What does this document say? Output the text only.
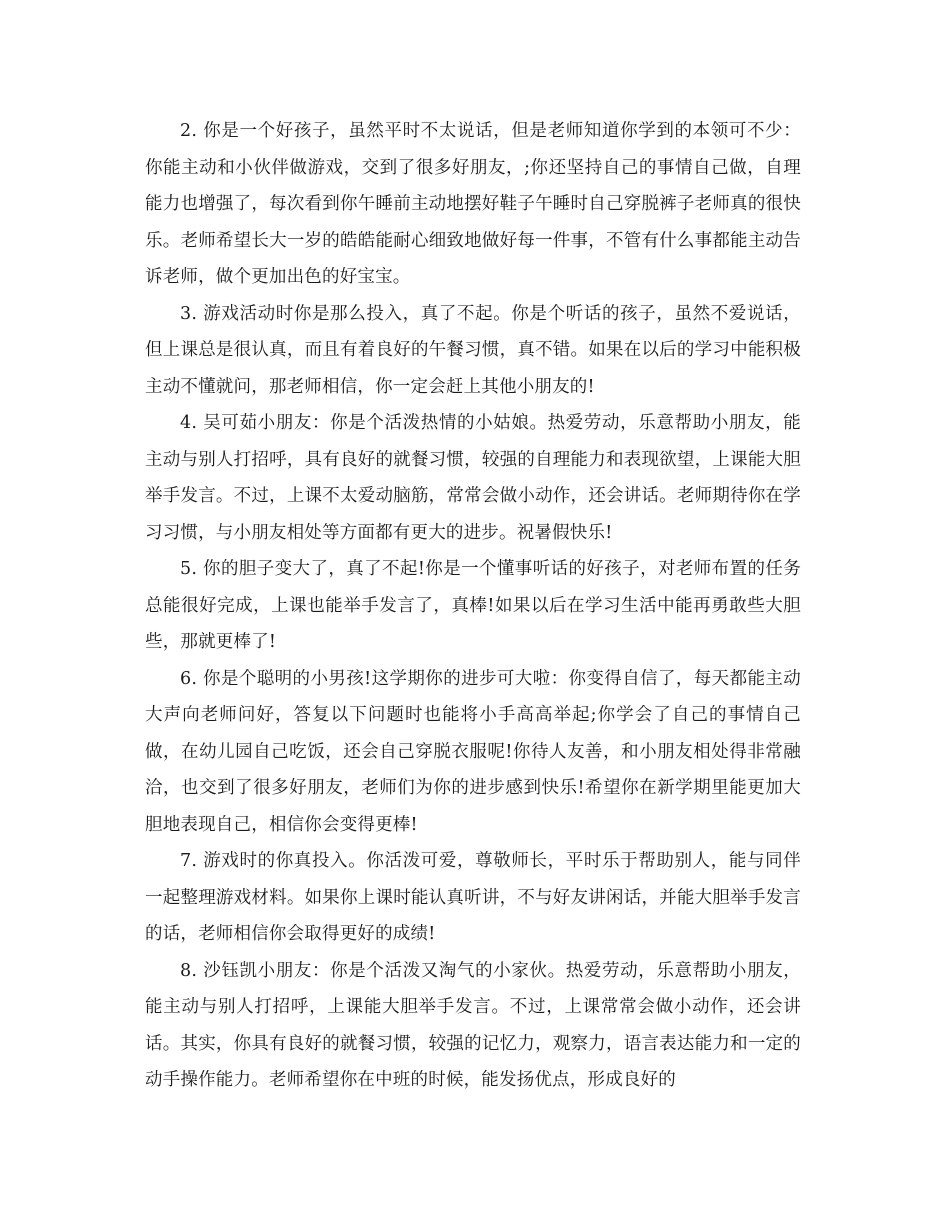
2. 你是一个好孩子，虽然平时不太说话，但是老师知道你学到的本领可不少：你能主动和小伙伴做游戏，交到了很多好朋友，;你还坚持自己的事情自己做，自理能力也增强了，每次看到你午睡前主动地摆好鞋子午睡时自己穿脱裤子老师真的很快乐。老师希望长大一岁的皓皓能耐心细致地做好每一件事，不管有什么事都能主动告诉老师，做个更加出色的好宝宝。

3. 游戏活动时你是那么投入，真了不起。你是个听话的孩子，虽然不爱说话，但上课总是很认真，而且有着良好的午餐习惯，真不错。如果在以后的学习中能积极主动不懂就问，那老师相信，你一定会赶上其他小朋友的!

4. 吴可茹小朋友：你是个活泼热情的小姑娘。热爱劳动，乐意帮助小朋友，能主动与别人打招呼，具有良好的就餐习惯，较强的自理能力和表现欲望，上课能大胆举手发言。不过，上课不太爱动脑筋，常常会做小动作，还会讲话。老师期待你在学习习惯，与小朋友相处等方面都有更大的进步。祝暑假快乐!

5. 你的胆子变大了，真了不起!你是一个懂事听话的好孩子，对老师布置的任务总能很好完成，上课也能举手发言了，真棒!如果以后在学习生活中能再勇敢些大胆些，那就更棒了!

6. 你是个聪明的小男孩!这学期你的进步可大啦：你变得自信了，每天都能主动大声向老师问好，答复以下问题时也能将小手高高举起;你学会了自己的事情自己做，在幼儿园自己吃饭，还会自己穿脱衣服呢!你待人友善，和小朋友相处得非常融洽，也交到了很多好朋友，老师们为你的进步感到快乐!希望你在新学期里能更加大胆地表现自己，相信你会变得更棒!

7. 游戏时的你真投入。你活泼可爱，尊敬师长，平时乐于帮助别人，能与同伴一起整理游戏材料。如果你上课时能认真听讲，不与好友讲闲话，并能大胆举手发言的话，老师相信你会取得更好的成绩!

8. 沙钰凯小朋友：你是个活泼又淘气的小家伙。热爱劳动，乐意帮助小朋友，能主动与别人打招呼，上课能大胆举手发言。不过，上课常常会做小动作，还会讲话。其实，你具有良好的就餐习惯，较强的记忆力，观察力，语言表达能力和一定的动手操作能力。老师希望你在中班的时候，能发扬优点，形成良好的
